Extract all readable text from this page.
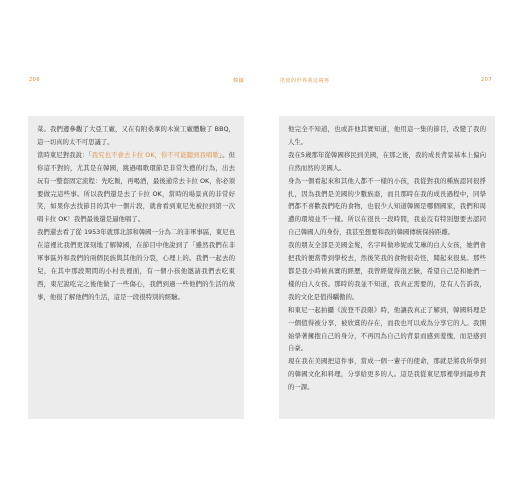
206	韓國	塗留的世界我這兩再	207

菜。我們邊參觀了大亞工廠，又在有附桑拿的木炭工廠體驗了 BBQ，這一切真的太不可思議了。

當時東尼對我說：「我究也不會去卡拉 OK，你不可能聽到我唱歌」。但你這不對的，尤其是在韓國，跳過唱歌環節是非常失禮的行為，出去玩有一整套固定流程：先吃飯，再喝酒，最後通常去卡拉 OK，你必須要做完這些事。所以我們還是去了卡拉 OK，當時的場景真的非常好笑，如果你去找節目的其中一個片段，就會看到東尼先被拉到第一次唱卡拉 OK！我們最後還是逼他唱了。

我們還去看了從 1953年就那北部和韓國一分為二的非軍事區，東尼也在這裡比我們更深刻地了解韓國，在節目中他說到了「雖然我們在非軍事區外和我們的兩個民族與其他的分裂，心理上的。我們一起去的兒，在其中那段期間的小村長裡面，有一個小孩他邀請我們去吃東西，東尼說吃完之後他做了一些傷心，我們到過一些他們的生活的故事，他很了解他們的生活，這是一段很特別的經驗。

他完全不知道，也或許他其實知道，他用這一集的節目，改變了我的人生。

我在5歲那年從韓國移民到美國，在那之後，我的成長背景基本上偏向自然而然的美國人。

身為一個看起來和其他人都不一樣的小孩，我從對我的種族認同很掙扎，因為我們是美國的少數族裔，而且那時在我的成長過程中，同學們都不喜歡我們吃的食物，也很少人知道韓國是哪個國家，我們和周遭的環境並不一樣。所以在很長一段時間，我並沒有特別想要去認同自己韓國人的身份，我甚至想要和我的韓國傳統保持距離。

我的朋友全部是美國金髮，名字叫做珍妮或艾琳的白人女孩，她們會把我的便當帶到學校去，然後笑我的食物很奇怪，聞起來很臭。那些都是我小時候真實的經歷，我曾經覺得很丟臉，希望自己是和她們一樣的白人女孩。那時的我並不知道，我真正需要的，是有人告訴我，我的文化是值得驕傲的。

和東尼一起拍攝《波登不設限》時，他讓我真正了解到，韓國料理是一個值得被分享、被欣賞的存在，而我也可以成為分享它的人。我開始學著擁抱自己的身分，不再因為自己的背景而感到羞愧，而是感到自豪。

現在我在美國把這件事，當成一個一輩子的使命，那就是將我所學到的韓國文化和料理，分享給更多的人。這是我從東尼那裡學到最珍貴的一課。
